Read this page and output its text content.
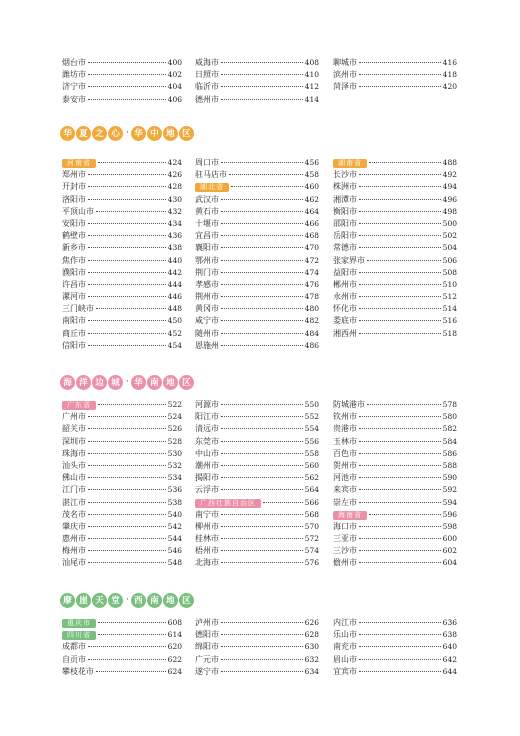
烟台市	400
潍坊市	402
济宁市	404
泰安市	406
威海市	408
日照市	410
临沂市	412
德州市	414
聊城市	416
滨州市	418
菏泽市	420
华 夏 之 心 · 华 中 地 区
河南省	424
郑州市	426
开封市	428
洛阳市	430
平顶山市	432
安阳市	434
鹤壁市	436
新乡市	438
焦作市	440
濮阳市	442
许昌市	444
漯河市	446
三门峡市	448
南阳市	450
商丘市	452
信阳市	454
周口市	456
驻马店市	458
湖北省	460
武汉市	462
黄石市	464
十堰市	466
宜昌市	468
襄阳市	470
鄂州市	472
荆门市	474
孝感市	476
荆州市	478
黄冈市	480
咸宁市	482
随州市	484
恩施州	486
湖南省	488
长沙市	492
株洲市	494
湘潭市	496
衡阳市	498
邵阳市	500
岳阳市	502
常德市	504
张家界市	506
益阳市	508
郴州市	510
永州市	512
怀化市	514
娄底市	516
湘西州	518
海 洋 边 城 · 华 南 地 区
广东省	522
广州市	524
韶关市	526
深圳市	528
珠海市	530
汕头市	532
佛山市	534
江门市	536
湛江市	538
茂名市	540
肇庆市	542
惠州市	544
梅州市	546
汕尾市	548
河源市	550
阳江市	552
清远市	554
东莞市	556
中山市	558
潮州市	560
揭阳市	562
云浮市	564
广西壮族自治区	566
南宁市	568
柳州市	570
桂林市	572
梧州市	574
北海市	576
防城港市	578
钦州市	580
贵港市	582
玉林市	584
百色市	586
贺州市	588
河池市	590
来宾市	592
崇左市	594
海南省	596
海口市	598
三亚市	600
三沙市	602
儋州市	604
摩 崖 天 堂 · 西 南 地 区
重庆市	608
四川省	614
成都市	620
自贡市	622
攀枝花市	624
泸州市	626
德阳市	628
绵阳市	630
广元市	632
遂宁市	634
内江市	636
乐山市	638
南充市	640
眉山市	642
宜宾市	644
